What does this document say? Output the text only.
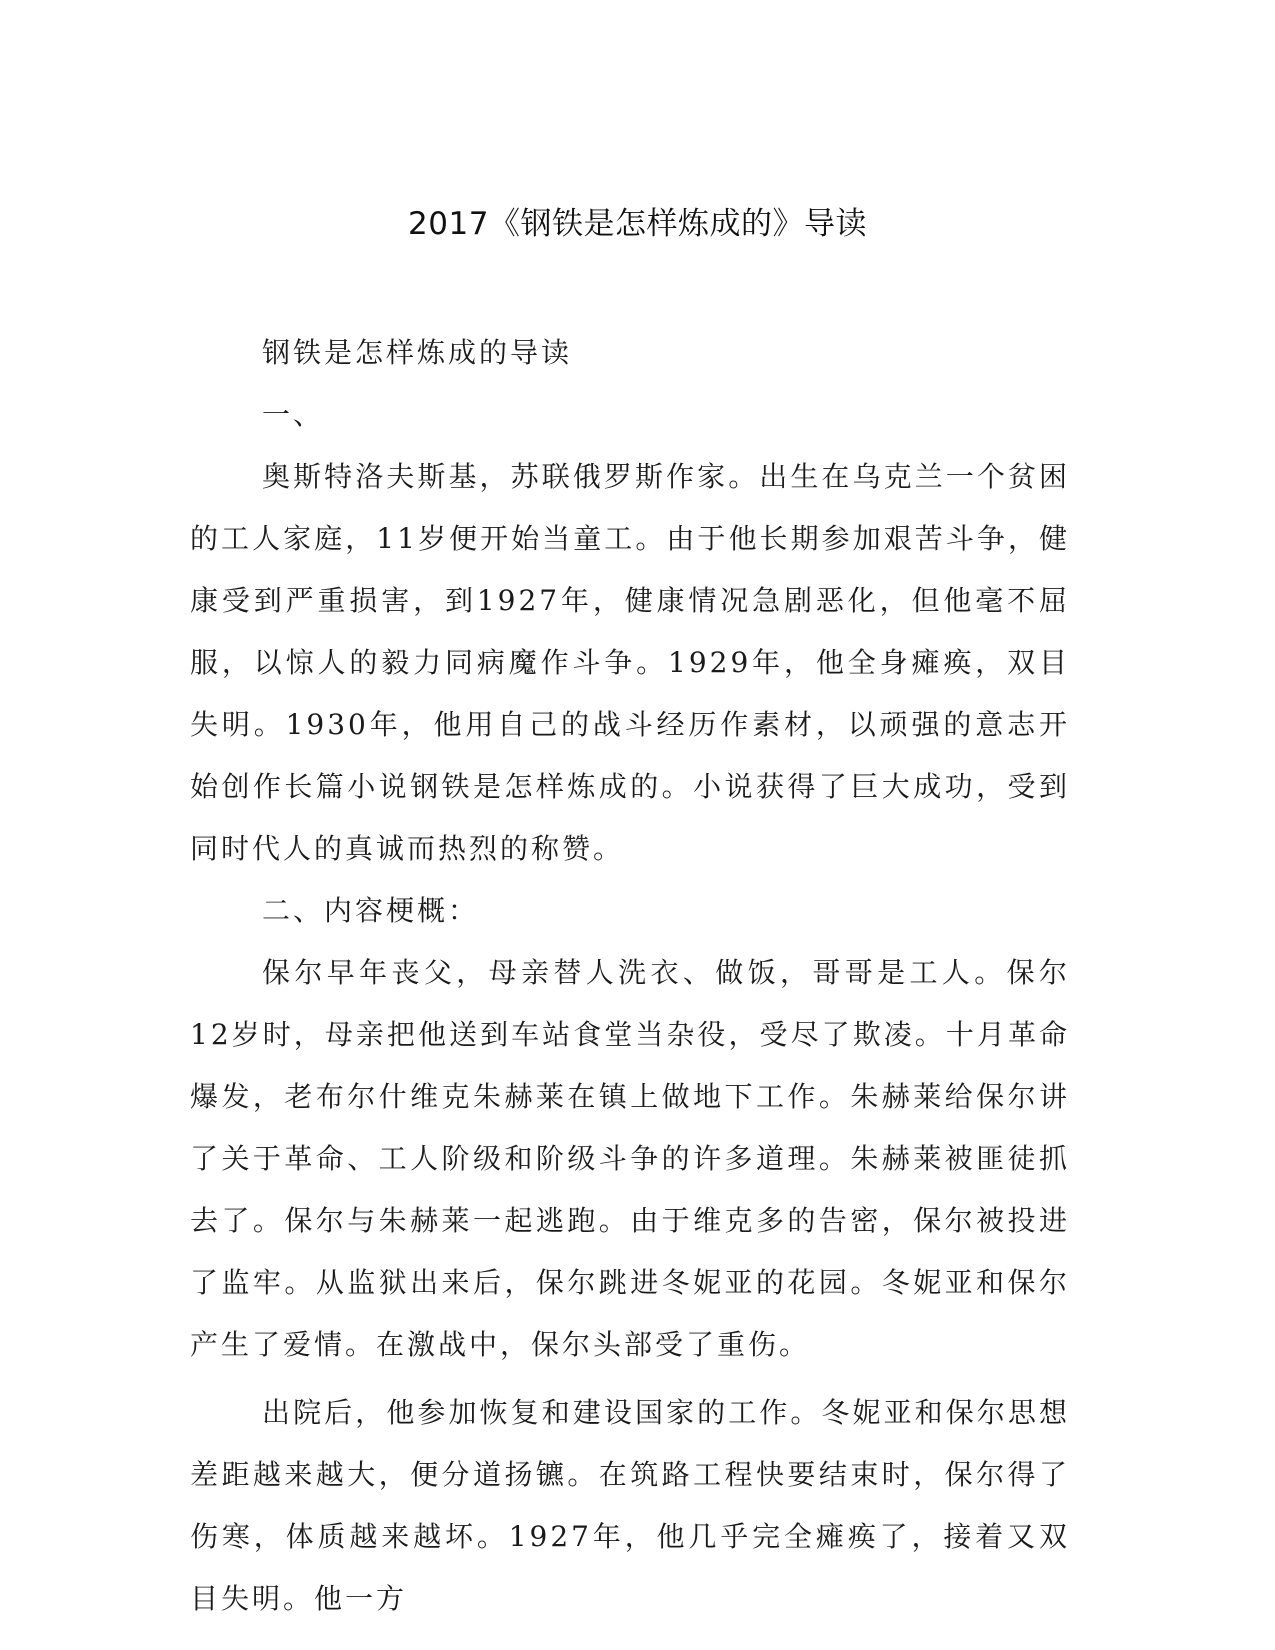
2017《钢铁是怎样炼成的》导读

钢铁是怎样炼成的导读

一、

奥斯特洛夫斯基，苏联俄罗斯作家。出生在乌克兰一个贫困的工人家庭，11岁便开始当童工。由于他长期参加艰苦斗争，健康受到严重损害，到1927年，健康情况急剧恶化，但他毫不屈服，以惊人的毅力同病魔作斗争。1929年，他全身瘫痪，双目失明。1930年，他用自己的战斗经历作素材，以顽强的意志开始创作长篇小说钢铁是怎样炼成的。小说获得了巨大成功，受到同时代人的真诚而热烈的称赞。

二、内容梗概：

保尔早年丧父，母亲替人洗衣、做饭，哥哥是工人。保尔12岁时，母亲把他送到车站食堂当杂役，受尽了欺凌。十月革命爆发，老布尔什维克朱赫莱在镇上做地下工作。朱赫莱给保尔讲了关于革命、工人阶级和阶级斗争的许多道理。朱赫莱被匪徒抓去了。保尔与朱赫莱一起逃跑。由于维克多的告密，保尔被投进了监牢。从监狱出来后，保尔跳进冬妮亚的花园。冬妮亚和保尔产生了爱情。在激战中，保尔头部受了重伤。

出院后，他参加恢复和建设国家的工作。冬妮亚和保尔思想差距越来越大，便分道扬镳。在筑路工程快要结束时，保尔得了伤寒，体质越来越坏。1927年，他几乎完全瘫痪了，接着又双目失明。他一方
